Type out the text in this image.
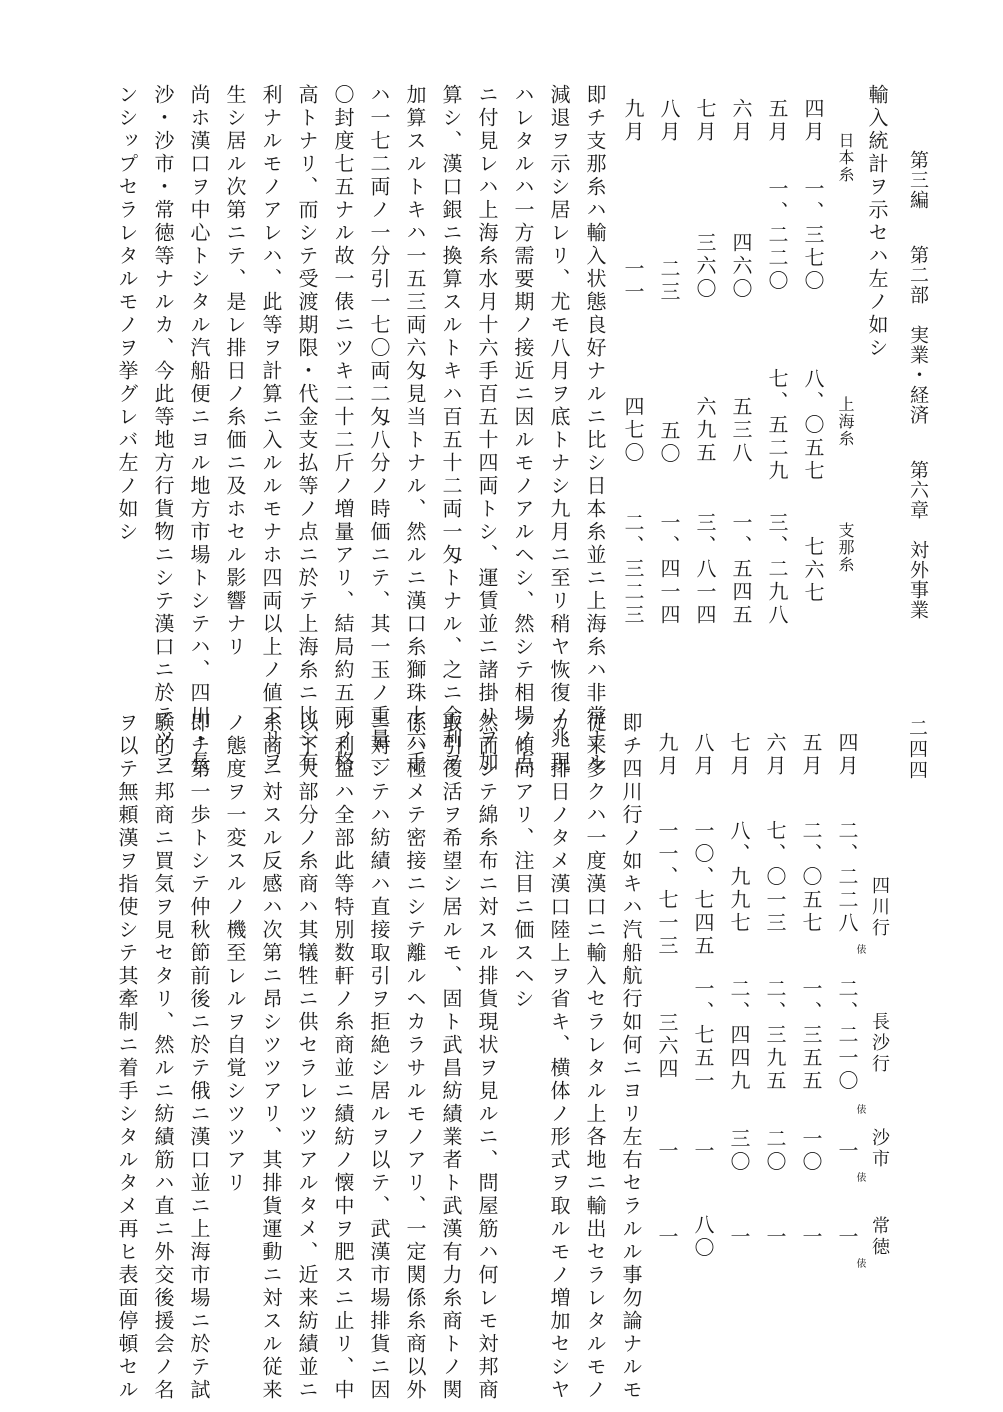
第三編 第二部　実業・経済 第六章　対外事業
二四四
輸入統計ヲ示セハ左ノ如シ
日本糸
上海糸
支那糸
四月
一、三七〇
八、〇五七
七六七
五月
一、二二〇
七、五二九
三、二九八
六月
四六〇
五三八
一、五四五
七月
三六〇
六九五
三、八一四
八月
二三
五〇
一、四一四
九月
一一
四七〇
二、三二三
即チ支那糸ハ輸入状態良好ナルニ比シ日本糸並ニ上海糸ハ非常ナル
減退ヲ示シ居レリ、尤モ八月ヲ底トナシ九月ニ至リ稍ヤ恢復ノ兆現
ハレタルハ一方需要期ノ接近ニ因ルモノアルヘシ、然シテ相場ノ点
ニ付見レハ上海糸水月十六手百五十四両トシ、運賃並ニ諸掛リヲ加
算シ、漢口銀ニ換算スルトキハ百五十二両一匁トナル、之ニ金利ヲ
加算スルトキハ一五三両六匁見当トナル、然ルニ漢口糸獅珠十六手
ハ一七二両ノ一分引一七〇両二匁八分ノ時価ニテ、其一玉ノ重量一
〇封度七五ナル故一俵ニツキ二十二斤ノ増量アリ、結局約五両ノ格
高トナリ、而シテ受渡期限・代金支払等ノ点ニ於テ上海糸ニ比シ有
利ナルモノアレハ、此等ヲ計算ニ入ルルモナホ四両以上ノ値下リヲ
生シ居ル次第ニテ、是レ排日ノ糸価ニ及ホセル影響ナリ
尚ホ漢口ヲ中心トシタル汽船便ニヨル地方市場トシテハ、四川・長
沙・沙市・常徳等ナルカ、今此等地方行貨物ニシテ漢口ニ於テツラ
ンシップセラレタルモノヲ挙グレバ左ノ如シ
四川行
長沙行
沙市
常徳
四月
二、二二八
俵
二、二一〇
俵
一
俵
一
俵
五月
二、〇五七
一、三五五
一〇
一
六月
七、〇一三
二、三九五
二〇
一
七月
八、九九七
二、四四九
三〇
一
八月
一〇、七四五
一、七五一
一
八〇
九月
一一、七一三
三六四
一
一
即チ四川行ノ如キハ汽船航行如何ニヨリ左右セラルル事勿論ナルモ
従来多クハ一度漢口ニ輸入セラレタル上各地ニ輸出セラレタルモノ
カ、排日ノタメ漢口陸上ヲ省キ、横体ノ形式ヲ取ルモノ増加セシヤ
ノ傾向アリ、注目ニ価スヘシ
然而シテ綿糸布ニ対スル排貨現状ヲ見ルニ、問屋筋ハ何レモ対邦商
取引復活ヲ希望シ居ルモ、固ト武昌紡績業者ト武漢有力糸商トノ関
係ハ極メテ密接ニシテ離ルヘカラサルモノアリ、一定関係糸商以外
ニ対シテハ紡績ハ直接取引ヲ拒絶シ居ルヲ以テ、武漢市場排貨ニ因
ル利益ハ全部此等特別数軒ノ糸商並ニ績紡ノ懐中ヲ肥スニ止リ、中
以下大部分ノ糸商ハ其犠牲ニ供セラレツツアルタメ、近来紡績並ニ
糸商ニ対スル反感ハ次第ニ昂シツツアリ、其排貨運動ニ対スル従来
ノ態度ヲ一変スルノ機至レルヲ自覚シツツアリ
即チ第一歩トシテ仲秋節前後ニ於テ俄ニ漢口並ニ上海市場ニ於テ試
験的ニ邦商ニ買気ヲ見セタリ、然ルニ紡績筋ハ直ニ外交後援会ノ名
ヲ以テ無頼漢ヲ指使シテ其牽制ニ着手シタルタメ再ヒ表面停頓セル
